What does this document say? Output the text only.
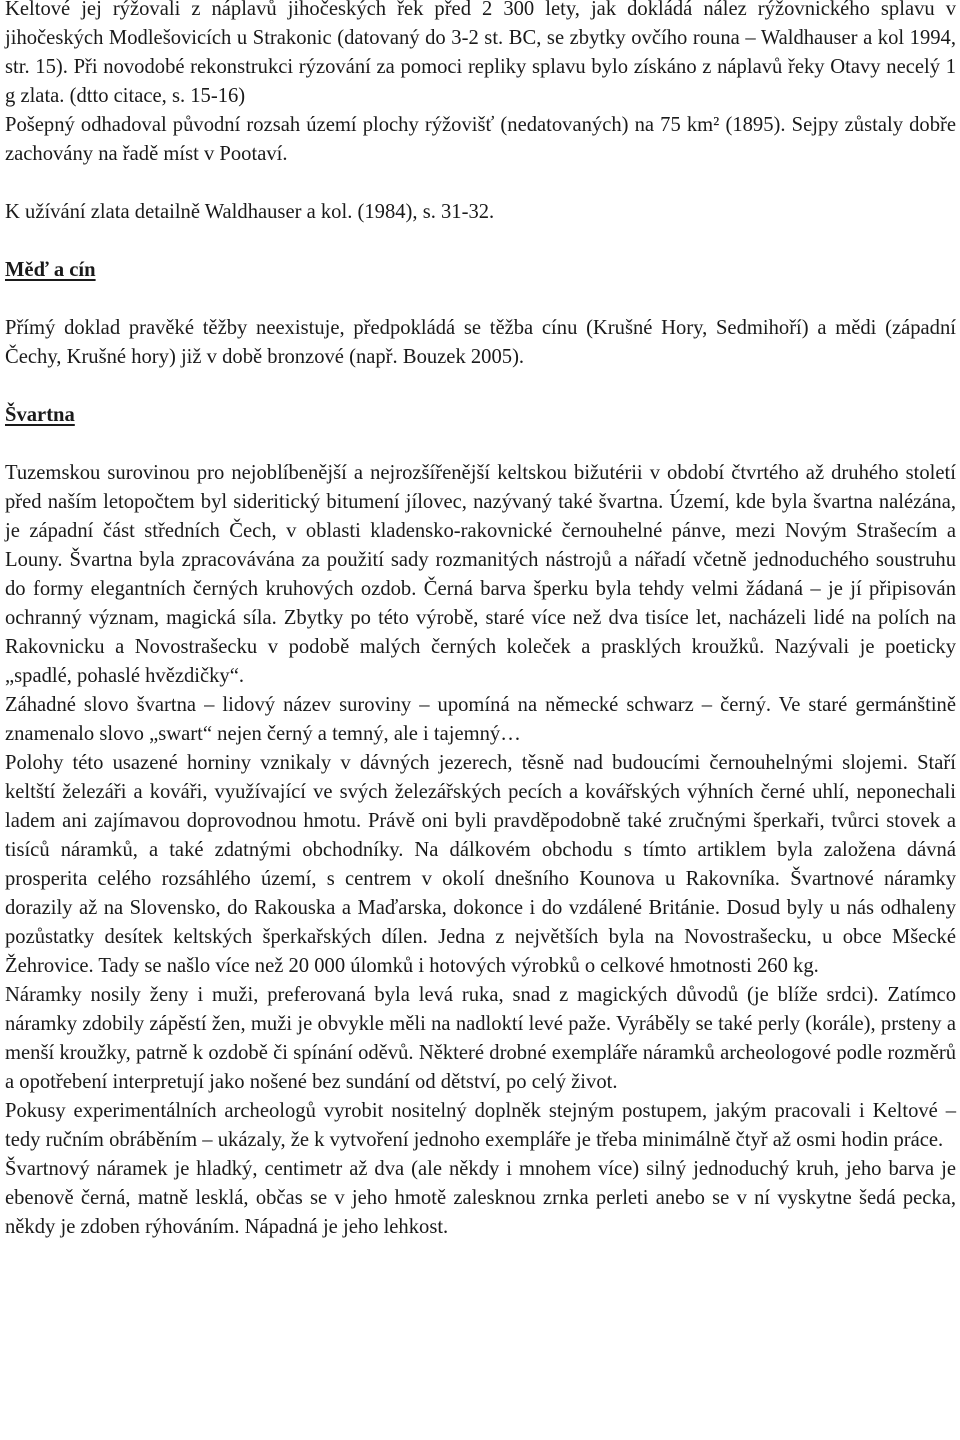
Keltové jej rýžovali z náplavů jihočeských řek před 2 300 lety, jak dokládá nález rýžovnického splavu v jihočeských Modlešovicích u Strakonic (datovaný do 3-2 st. BC, se zbytky ovčího rouna – Waldhauser a kol 1994, str. 15). Při novodobé rekonstrukci rýzování za pomoci repliky splavu bylo získáno z náplavů řeky Otavy necelý 1 g zlata. (dtto citace, s. 15-16)

Pošepný odhadoval původní rozsah území plochy rýžovišť (nedatovaných) na 75 km² (1895). Sejpy zůstaly dobře zachovány na řadě míst v Pootaví.

K užívání zlata detailně Waldhauser a kol. (1984), s. 31-32.

Měď a cín

Přímý doklad pravěké těžby neexistuje, předpokládá se těžba cínu (Krušné Hory, Sedmihoří) a mědi (západní Čechy, Krušné hory) již v době bronzové (např. Bouzek 2005).

Švartna

Tuzemskou surovinou pro nejoblíbenější a nejrozšířenější keltskou bižutérii v období čtvrtého až druhého století před naším letopočtem byl sideritický bitumení jílovec, nazývaný také švartna. Území, kde byla švartna nalézána, je západní část středních Čech, v oblasti kladensko-rakovnické černouhelné pánve, mezi Novým Strašecím a Louny. Švartna byla zpracovávána za použití sady rozmanitých nástrojů a nářadí včetně jednoduchého soustruhu do formy elegantních černých kruhových ozdob. Černá barva šperku byla tehdy velmi žádaná – je jí připisován ochranný význam, magická síla. Zbytky po této výrobě, staré více než dva tisíce let, nacházeli lidé na polích na Rakovnicku a Novostrašecku v podobě malých černých koleček a prasklých kroužků. Nazývali je poeticky „spadlé, pohaslé hvězdičky“.

Záhadné slovo švartna – lidový název suroviny – upomíná na německé schwarz – černý. Ve staré germánštině znamenalo slovo „swart“ nejen černý a temný, ale i tajemný…

Polohy této usazené horniny vznikaly v dávných jezerech, těsně nad budoucími černouhelnými slojemi. Staří keltští železáři a kováři, využívající ve svých železářských pecích a kovářských výhních černé uhlí, neponechali ladem ani zajímavou doprovodnou hmotu. Právě oni byli pravděpodobně také zručnými šperkaři, tvůrci stovek a tisíců náramků, a také zdatnými obchodníky. Na dálkovém obchodu s tímto artiklem byla založena dávná prosperita celého rozsáhlého území, s centrem v okolí dnešního Kounova u Rakovníka. Švartnové náramky dorazily až na Slovensko, do Rakouska a Maďarska, dokonce i do vzdálené Británie. Dosud byly u nás odhaleny pozůstatky desítek keltských šperkařských dílen. Jedna z největších byla na Novostrašecku, u obce Mšecké Žehrovice. Tady se našlo více než 20 000 úlomků i hotových výrobků o celkové hmotnosti 260 kg.

Náramky nosily ženy i muži, preferovaná byla levá ruka, snad z magických důvodů (je blíže srdci). Zatímco náramky zdobily zápěstí žen, muži je obvykle měli na nadloktí levé paže. Vyráběly se také perly (korále), prsteny a menší kroužky, patrně k ozdobě či spínání oděvů. Některé drobné exempláře náramků archeologové podle rozměrů a opotřebení interpretují jako nošené bez sundání od dětství, po celý život.

Pokusy experimentálních archeologů vyrobit nositelný doplněk stejným postupem, jakým pracovali i Keltové – tedy ručním obráběním – ukázaly, že k vytvoření jednoho exempláře je třeba minimálně čtyř až osmi hodin práce.

Švartnový náramek je hladký, centimetr až dva (ale někdy i mnohem více) silný jednoduchý kruh, jeho barva je ebenově černá, matně lesklá, občas se v jeho hmotě zalesknou zrnka perleti anebo se v ní vyskytne šedá pecka, někdy je zdoben rýhováním. Nápadná je jeho lehkost.
